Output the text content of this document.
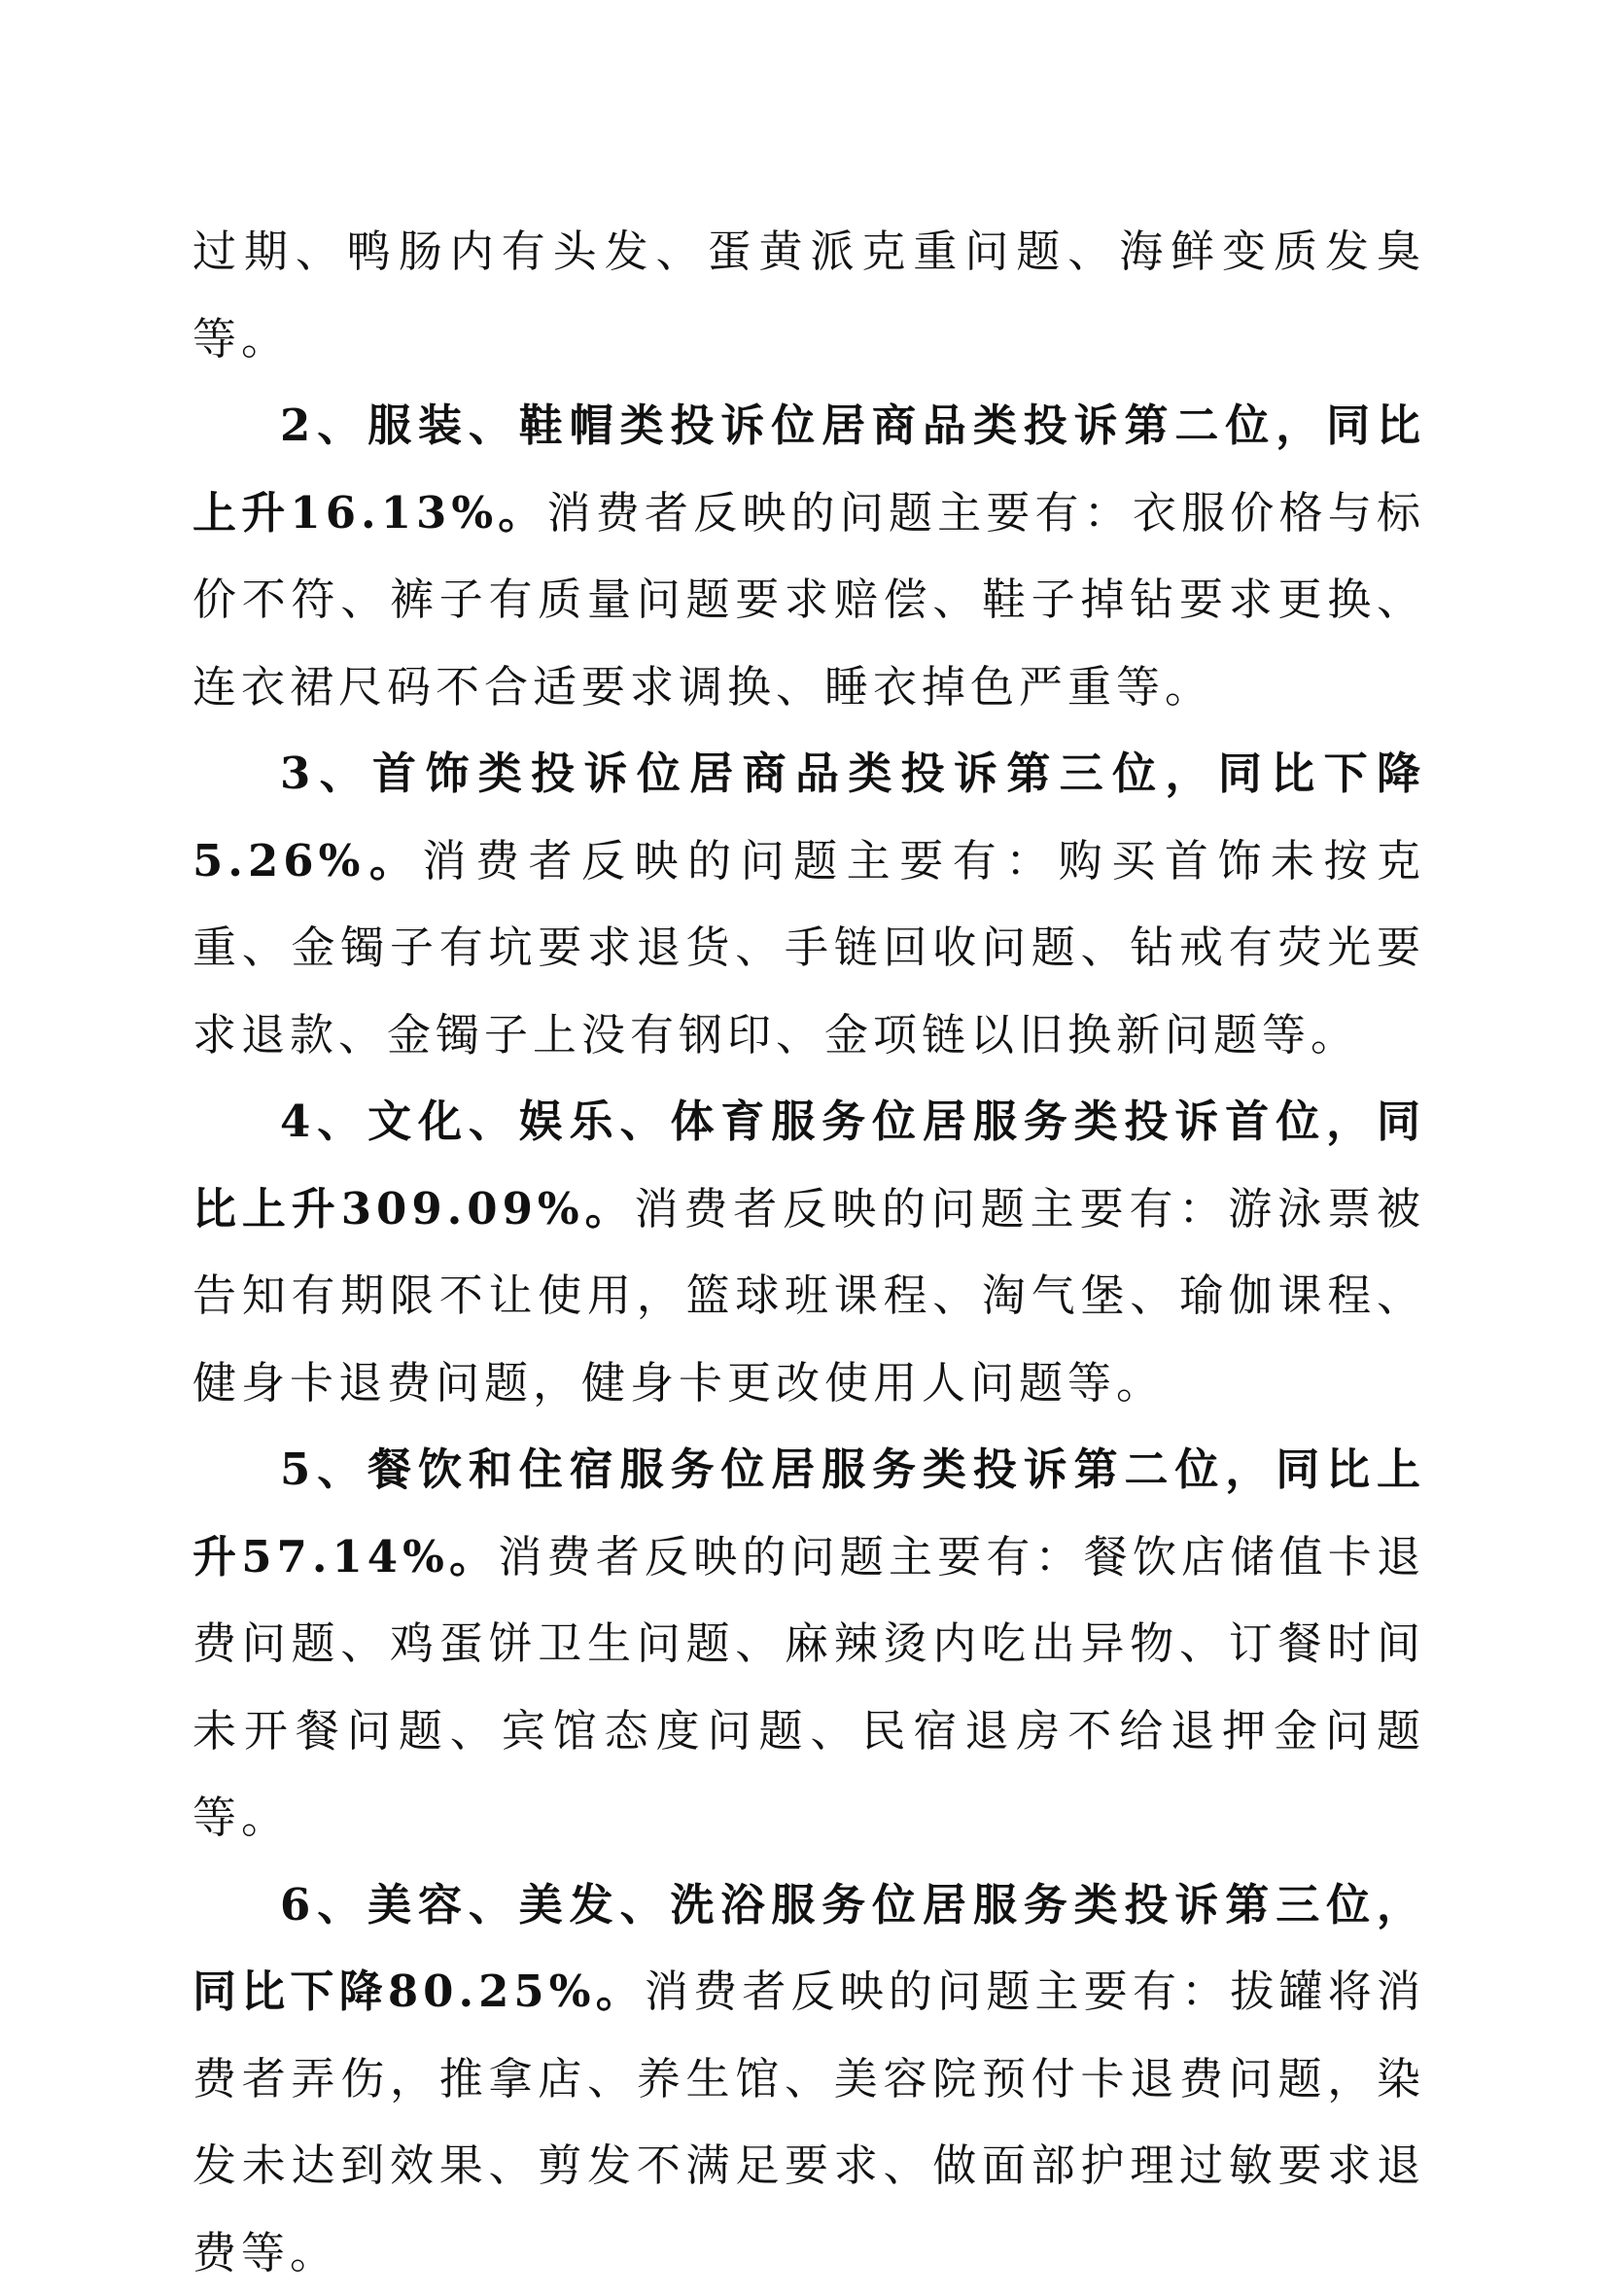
过期、鸭肠内有头发、蛋黄派克重问题、海鲜变质发臭等。

2、服装、鞋帽类投诉位居商品类投诉第二位，同比上升16.13%。消费者反映的问题主要有：衣服价格与标价不符、裤子有质量问题要求赔偿、鞋子掉钻要求更换、连衣裙尺码不合适要求调换、睡衣掉色严重等。

3、首饰类投诉位居商品类投诉第三位，同比下降5.26%。消费者反映的问题主要有：购买首饰未按克重、金镯子有坑要求退货、手链回收问题、钻戒有荧光要求退款、金镯子上没有钢印、金项链以旧换新问题等。

4、文化、娱乐、体育服务位居服务类投诉首位，同比上升309.09%。消费者反映的问题主要有：游泳票被告知有期限不让使用，篮球班课程、淘气堡、瑜伽课程、健身卡退费问题，健身卡更改使用人问题等。

5、餐饮和住宿服务位居服务类投诉第二位，同比上升57.14%。消费者反映的问题主要有：餐饮店储值卡退费问题、鸡蛋饼卫生问题、麻辣烫内吃出异物、订餐时间未开餐问题、宾馆态度问题、民宿退房不给退押金问题等。

6、美容、美发、洗浴服务位居服务类投诉第三位，同比下降80.25%。消费者反映的问题主要有：拔罐将消费者弄伤，推拿店、养生馆、美容院预付卡退费问题，染发未达到效果、剪发不满足要求、做面部护理过敏要求退费等。
